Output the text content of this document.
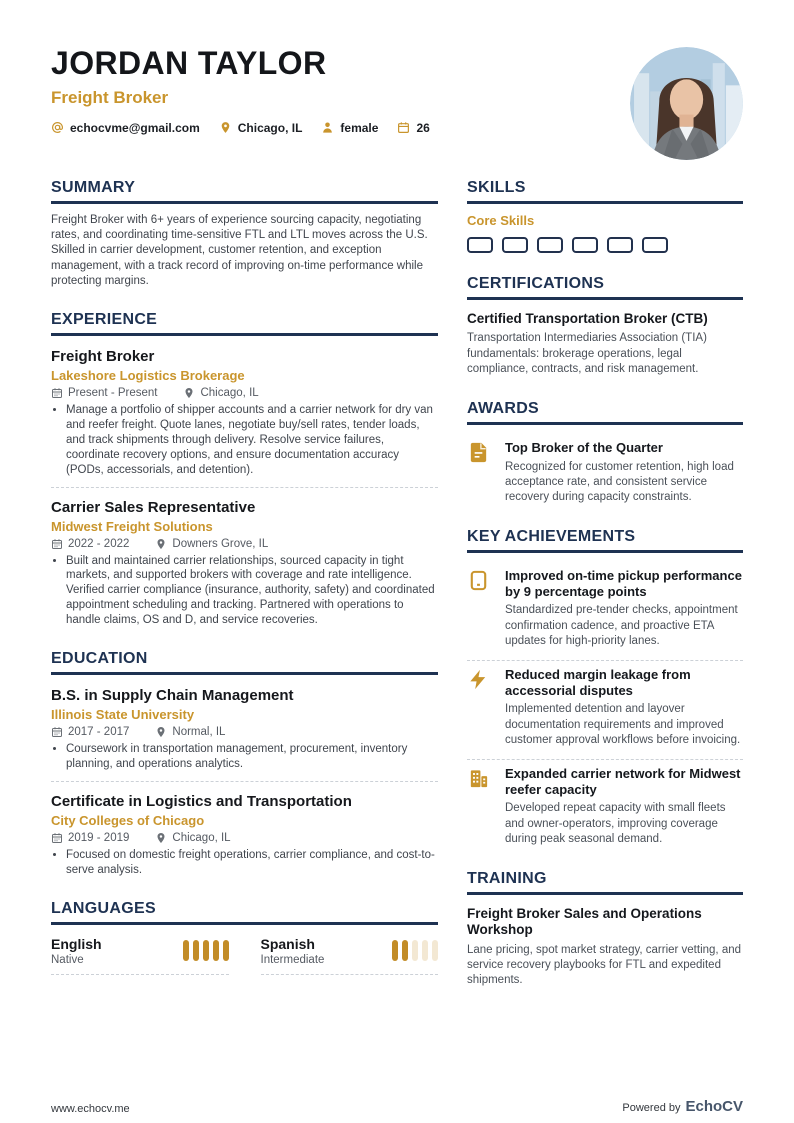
JORDAN TAYLOR
Freight Broker
echocvme@gmail.com	Chicago, IL	female	26
SUMMARY

Freight Broker with 6+ years of experience sourcing capacity, negotiating rates, and coordinating time-sensitive FTL and LTL moves across the U.S. Skilled in carrier development, customer retention, and exception management, with a track record of improving on-time performance while protecting margins.

EXPERIENCE
Freight Broker
Lakeshore Logistics Brokerage
Present - Present	Chicago, IL
• Manage a portfolio of shipper accounts and a carrier network for dry van and reefer freight. Quote lanes, negotiate buy/sell rates, tender loads, and track shipments through delivery. Resolve service failures, coordinate recovery options, and ensure documentation accuracy (PODs, accessorials, and detention).
Carrier Sales Representative
Midwest Freight Solutions
2022 - 2022	Downers Grove, IL
• Built and maintained carrier relationships, sourced capacity in tight markets, and supported brokers with coverage and rate intelligence. Verified carrier compliance (insurance, authority, safety) and coordinated appointment scheduling and tracking. Partnered with operations to handle claims, OS and D, and service recoveries.
EDUCATION
B.S. in Supply Chain Management
Illinois State University
2017 - 2017	Normal, IL
• Coursework in transportation management, procurement, inventory planning, and operations analytics.
Certificate in Logistics and Transportation
City Colleges of Chicago
2019 - 2019	Chicago, IL
• Focused on domestic freight operations, carrier compliance, and cost-to-serve analysis.
LANGUAGES
English
Native
Spanish
Intermediate
SKILLS
Core Skills
CERTIFICATIONS
Certified Transportation Broker (CTB)
Transportation Intermediaries Association (TIA) fundamentals: brokerage operations, legal compliance, contracts, and risk management.
AWARDS
Top Broker of the Quarter
Recognized for customer retention, high load acceptance rate, and consistent service recovery during capacity constraints.
KEY ACHIEVEMENTS
Improved on-time pickup performance by 9 percentage points
Standardized pre-tender checks, appointment confirmation cadence, and proactive ETA updates for high-priority lanes.
Reduced margin leakage from accessorial disputes
Implemented detention and layover documentation requirements and improved customer approval workflows before invoicing.
Expanded carrier network for Midwest reefer capacity
Developed repeat capacity with small fleets and owner-operators, improving coverage during peak seasonal demand.
TRAINING
Freight Broker Sales and Operations Workshop
Lane pricing, spot market strategy, carrier vetting, and service recovery playbooks for FTL and expedited shipments.
www.echocv.me	Powered by EchoCV
